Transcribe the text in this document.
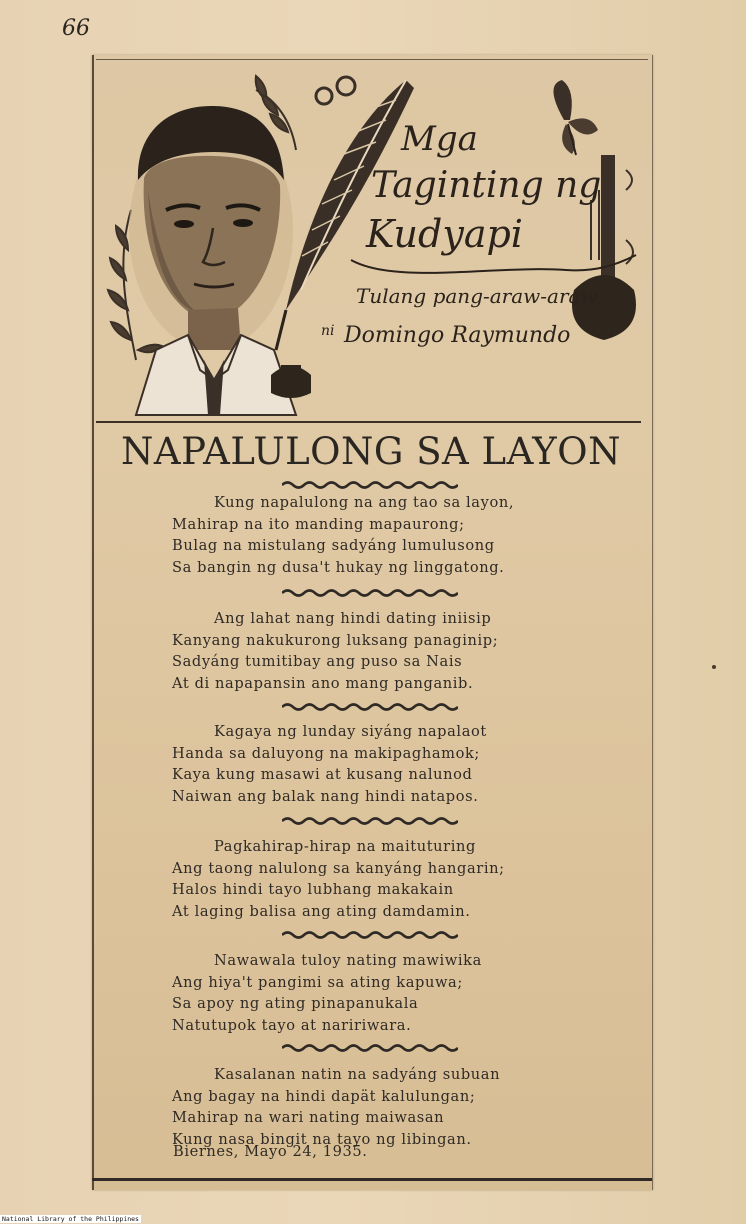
66
Mga
Taginting ng
Kudyapi
Tulang pang-araw-araw
ni Domingo Raymundo
NAPALULONG SA LAYON
Kung napalulong na ang tao sa layon,
Mahirap na ito manding mapaurong;
Bulag na mistulang sadyáng lumulusong
Sa bangin ng dusa't hukay ng linggatong.
Ang lahat nang hindi dating iniisip
Kanyang nakukurong luksang panaginip;
Sadyáng tumitibay ang puso sa Nais
At di napapansin ano mang panganib.
Kagaya ng lunday siyáng napalaot
Handa sa daluyong na makipaghamok;
Kaya kung masawi at kusang nalunod
Naiwan ang balak nang hindi natapos.
Pagkahirap-hirap na maituturing
Ang taong nalulong sa kanyáng hangarin;
Halos hindi tayo lubhang makakain
At laging balisa ang ating damdamin.
Nawawala tuloy nating mawiwika
Ang hiya't pangimi sa ating kapuwa;
Sa apoy ng ating pinapanukala
Natutupok tayo at naririwara.
Kasalanan natin na sadyáng subuan
Ang bagay na hindi dapät kalulungan;
Mahirap na wari nating maiwasan
Kung nasa bingit na tayo ng libingan.
Biernes, Mayo 24, 1935.
National Library of the Philippines
